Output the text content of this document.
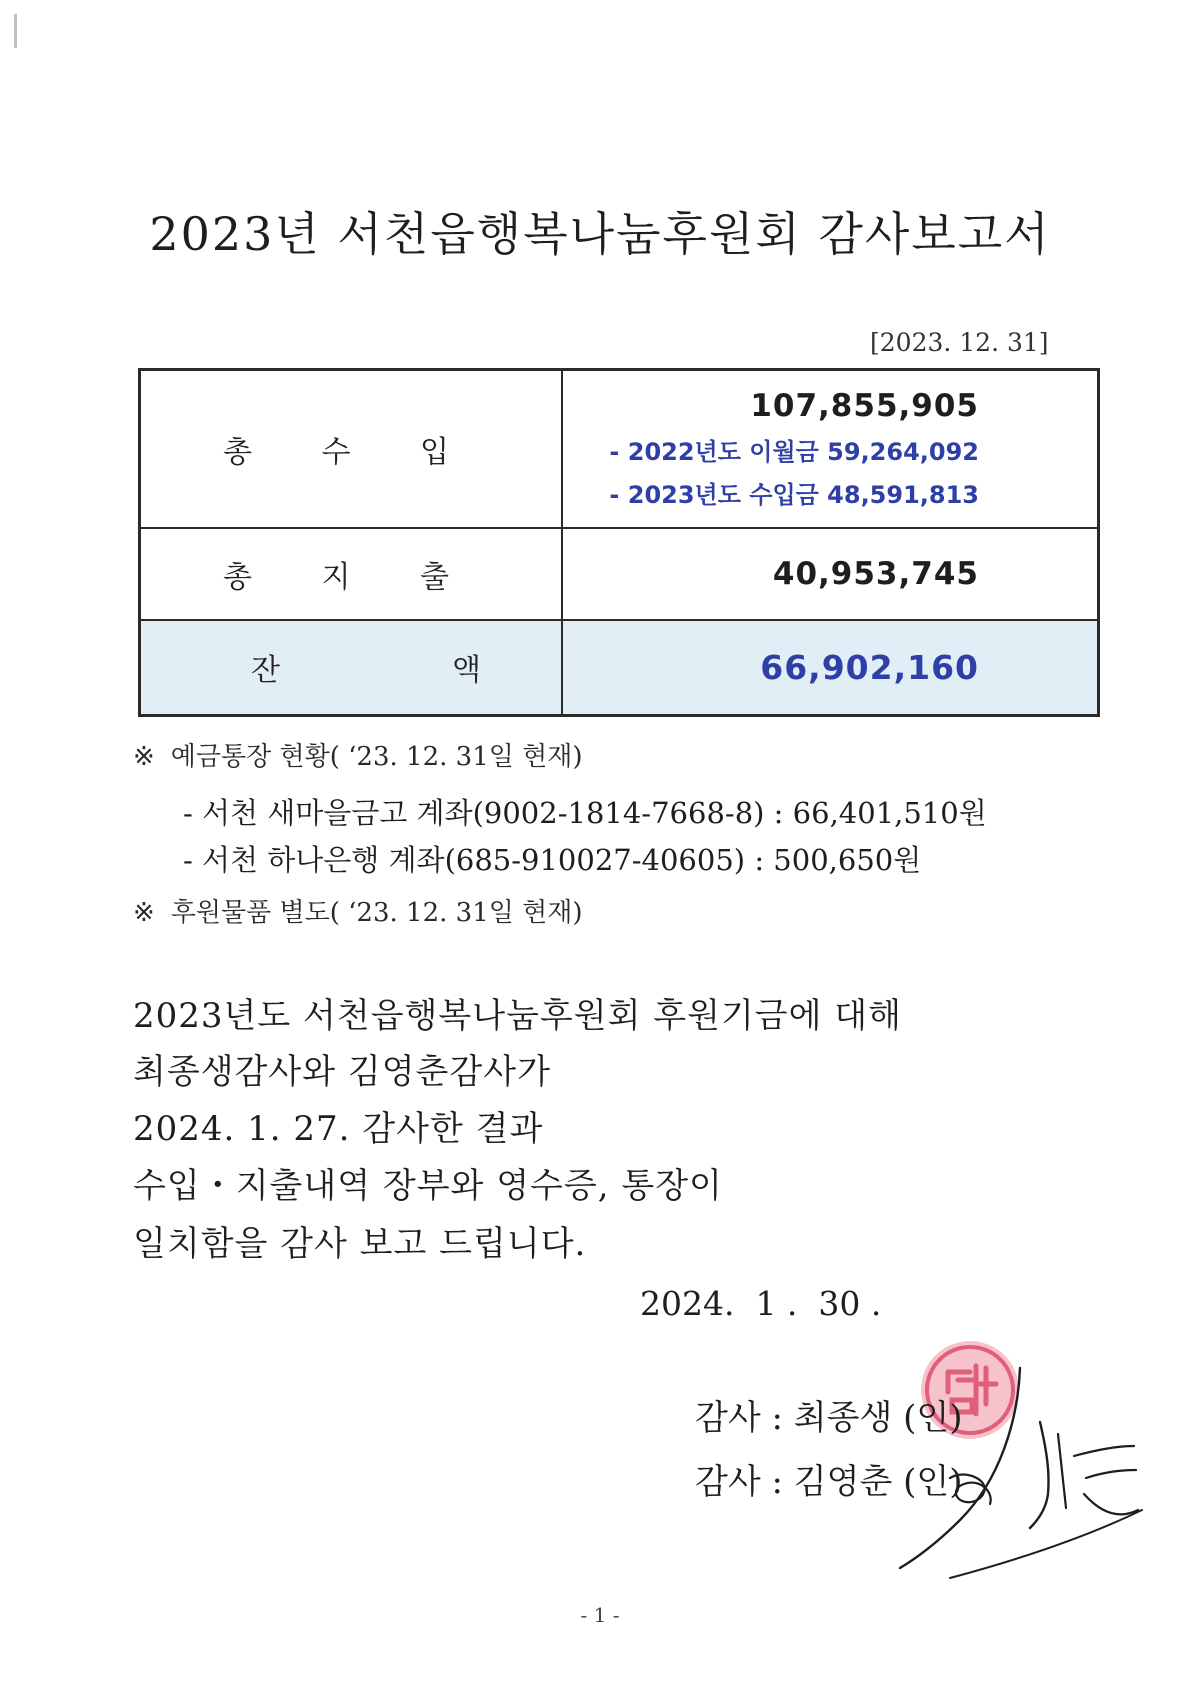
2023년 서천읍행복나눔후원회 감사보고서
[2023. 12. 31]
총 수 입	107,855,905
- 2022년도 이월금 59,264,092
- 2023년도 수입금 48,591,813

총 지 출	40,953,745

잔 액	66,902,160
※ 예금통장 현황( ‘23. 12. 31일 현재)
- 서천 새마을금고 계좌(9002-1814-7668-8) : 66,401,510원
- 서천 하나은행 계좌(685-910027-40605) : 500,650원
※ 후원물품 별도( ‘23. 12. 31일 현재)
2023년도 서천읍행복나눔후원회 후원기금에 대해
최종생감사와 김영춘감사가
2024. 1. 27. 감사한 결과
수입・지출내역 장부와 영수증, 통장이
일치함을 감사 보고 드립니다.
2024.  1 .  30 .
감사 : 최종생 (인)
감사 : 김영춘 (인)
- 1 -
